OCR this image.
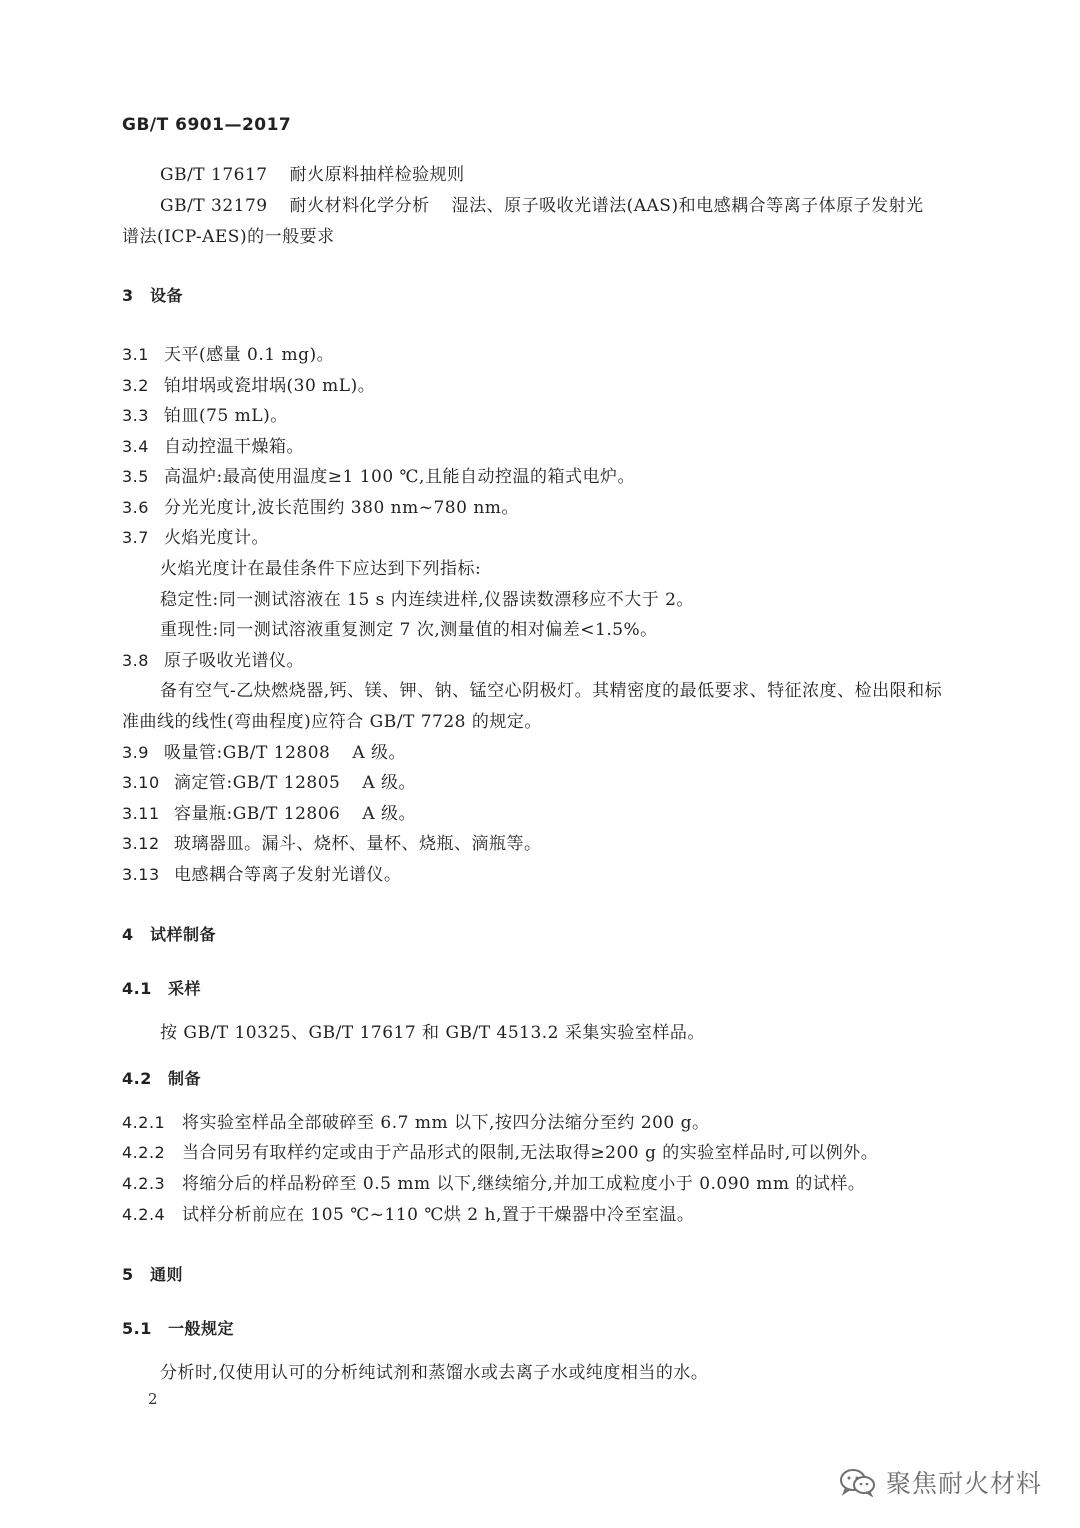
GB/T 6901—2017
GB/T 17617 耐火原料抽样检验规则
GB/T 32179 耐火材料化学分析 湿法、原子吸收光谱法(AAS)和电感耦合等离子体原子发射光
谱法(ICP-AES)的一般要求
3 设备
3.1 天平(感量 0.1 mg)。
3.2 铂坩埚或瓷坩埚(30 mL)。
3.3 铂皿(75 mL)。
3.4 自动控温干燥箱。
3.5 高温炉:最高使用温度≥1 100 ℃,且能自动控温的箱式电炉。
3.6 分光光度计,波长范围约 380 nm~780 nm。
3.7 火焰光度计。
火焰光度计在最佳条件下应达到下列指标:
稳定性:同一测试溶液在 15 s 内连续进样,仪器读数漂移应不大于 2。
重现性:同一测试溶液重复测定 7 次,测量值的相对偏差<1.5%。
3.8 原子吸收光谱仪。
备有空气-乙炔燃烧器,钙、镁、钾、钠、锰空心阴极灯。其精密度的最低要求、特征浓度、检出限和标
准曲线的线性(弯曲程度)应符合 GB/T 7728 的规定。
3.9 吸量管:GB/T 12808 A 级。
3.10 滴定管:GB/T 12805 A 级。
3.11 容量瓶:GB/T 12806 A 级。
3.12 玻璃器皿。漏斗、烧杯、量杯、烧瓶、滴瓶等。
3.13 电感耦合等离子发射光谱仪。
4 试样制备
4.1 采样
按 GB/T 10325、GB/T 17617 和 GB/T 4513.2 采集实验室样品。
4.2 制备
4.2.1 将实验室样品全部破碎至 6.7 mm 以下,按四分法缩分至约 200 g。
4.2.2 当合同另有取样约定或由于产品形式的限制,无法取得≥200 g 的实验室样品时,可以例外。
4.2.3 将缩分后的样品粉碎至 0.5 mm 以下,继续缩分,并加工成粒度小于 0.090 mm 的试样。
4.2.4 试样分析前应在 105 ℃~110 ℃烘 2 h,置于干燥器中冷至室温。
5 通则
5.1 一般规定
分析时,仅使用认可的分析纯试剂和蒸馏水或去离子水或纯度相当的水。
2
聚焦耐火材料
